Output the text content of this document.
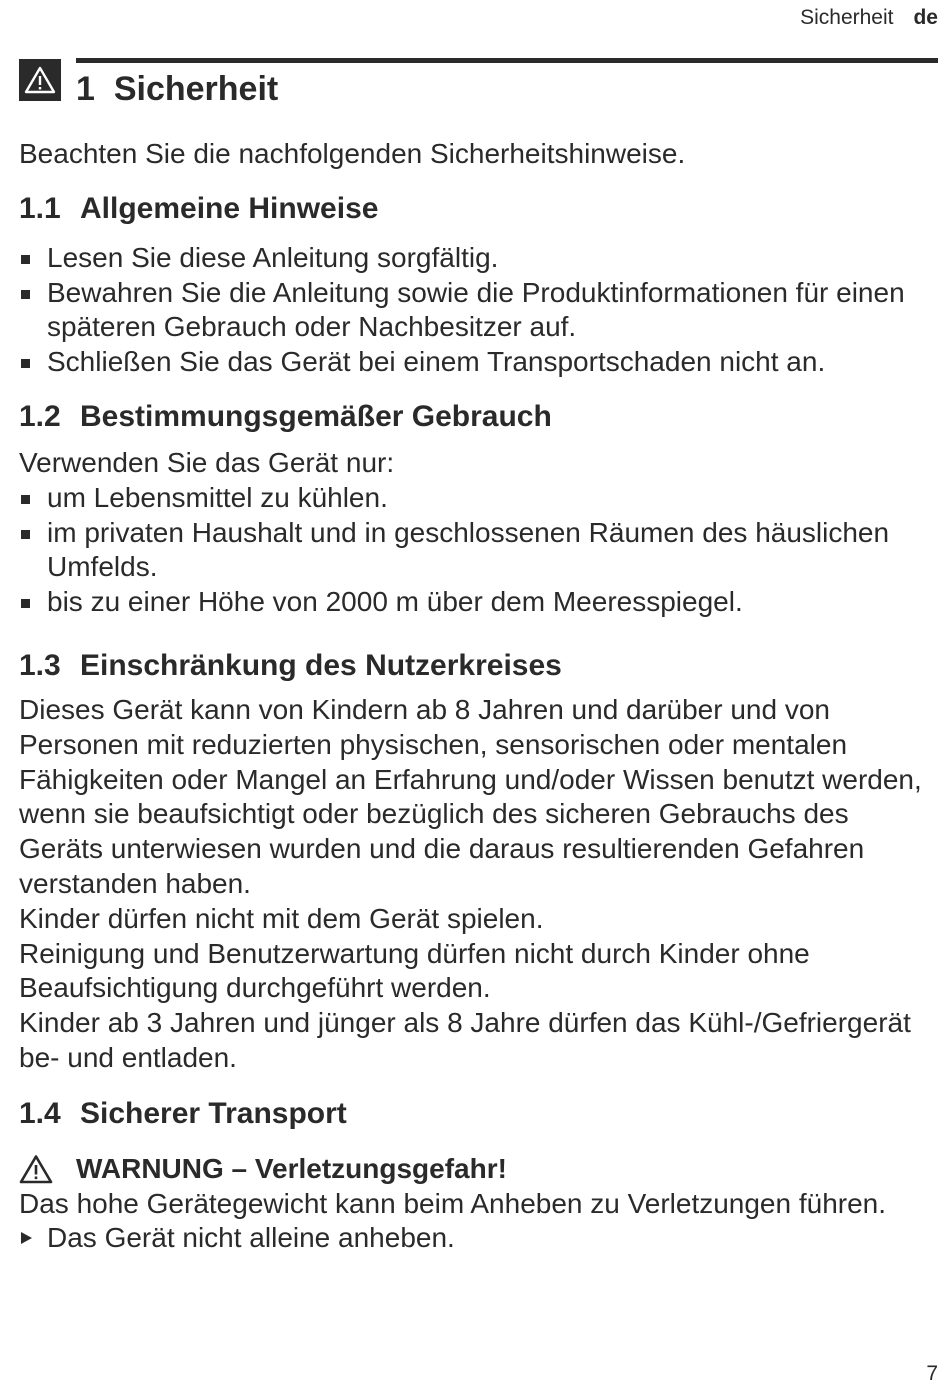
Sicherheit de
1 Sicherheit

Beachten Sie die nachfolgenden Sicherheitshinweise.

1.1 Allgemeine Hinweise
Lesen Sie diese Anleitung sorgfältig.
Bewahren Sie die Anleitung sowie die Produktinformationen für einen späteren Gebrauch oder Nachbesitzer auf.
Schließen Sie das Gerät bei einem Transportschaden nicht an.
1.2 Bestimmungsgemäßer Gebrauch

Verwenden Sie das Gerät nur:

um Lebensmittel zu kühlen.
im privaten Haushalt und in geschlossenen Räumen des häuslichen Umfelds.
bis zu einer Höhe von 2000 m über dem Meeresspiegel.
1.3 Einschränkung des Nutzerkreises

Dieses Gerät kann von Kindern ab 8 Jahren und darüber und von Personen mit reduzierten physischen, sensorischen oder mentalen Fähigkeiten oder Mangel an Erfahrung und/oder Wissen benutzt werden, wenn sie beaufsichtigt oder bezüglich des sicheren Gebrauchs des Geräts unterwiesen wurden und die daraus resultierenden Gefahren verstanden haben.

Kinder dürfen nicht mit dem Gerät spielen.

Reinigung und Benutzerwartung dürfen nicht durch Kinder ohne Beaufsichtigung durchgeführt werden.

Kinder ab 3 Jahren und jünger als 8 Jahre dürfen das Kühl-/Gefriergerät be- und entladen.

1.4 Sicherer Transport
WARNUNG – Verletzungsgefahr!

Das hohe Gerätegewicht kann beim Anheben zu Verletzungen führen.

Das Gerät nicht alleine anheben.
7
